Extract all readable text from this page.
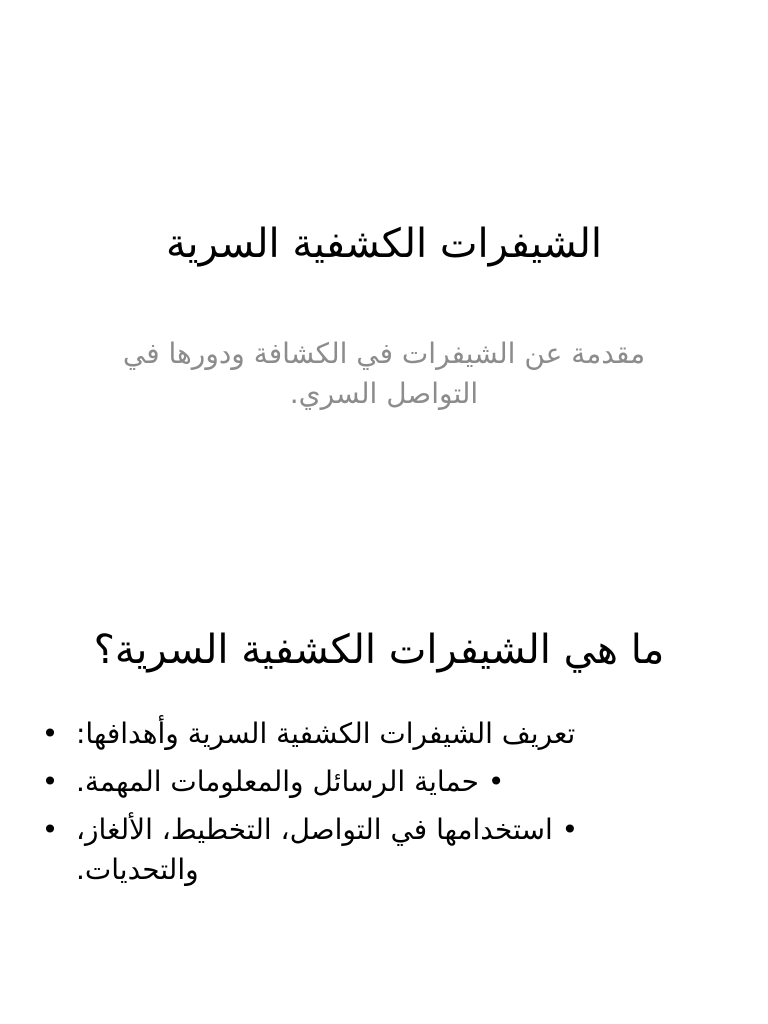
الشيفرات الكشفية السرية

مقدمة عن الشيفرات في الكشافة ودورها في التواصل السري.

ما هي الشيفرات الكشفية السرية؟
• تعريف الشيفرات الكشفية السرية وأهدافها:
• • حماية الرسائل والمعلومات المهمة.
• • استخدامها في التواصل، التخطيط، الألغاز، والتحديات.
